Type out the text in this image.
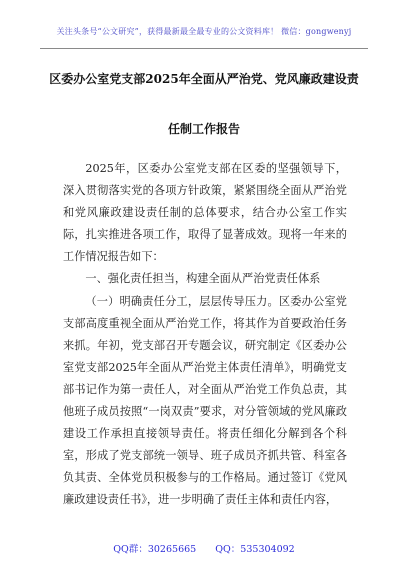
关注头条号“公文研究”，获得最新最全最专业的公文资料库！ 微信：gongwenyj
区委办公室党支部2025年全面从严治党、党风廉政建设责
任制工作报告

2025年，区委办公室党支部在区委的坚强领导下，深入贯彻落实党的各项方针政策，紧紧围绕全面从严治党和党风廉政建设责任制的总体要求，结合办公室工作实际，扎实推进各项工作，取得了显著成效。现将一年来的工作情况报告如下：

一、强化责任担当，构建全面从严治党责任体系

（一）明确责任分工，层层传导压力。区委办公室党支部高度重视全面从严治党工作，将其作为首要政治任务来抓。年初，党支部召开专题会议，研究制定《区委办公室党支部2025年全面从严治党主体责任清单》，明确党支部书记作为第一责任人，对全面从严治党工作负总责，其他班子成员按照“一岗双责”要求，对分管领域的党风廉政建设工作承担直接领导责任。将责任细化分解到各个科室，形成了党支部统一领导、班子成员齐抓共管、科室各负其责、全体党员积极参与的工作格局。通过签订《党风廉政建设责任书》，进一步明确了责任主体和责任内容，

QQ群：30265665 QQ：535304092
